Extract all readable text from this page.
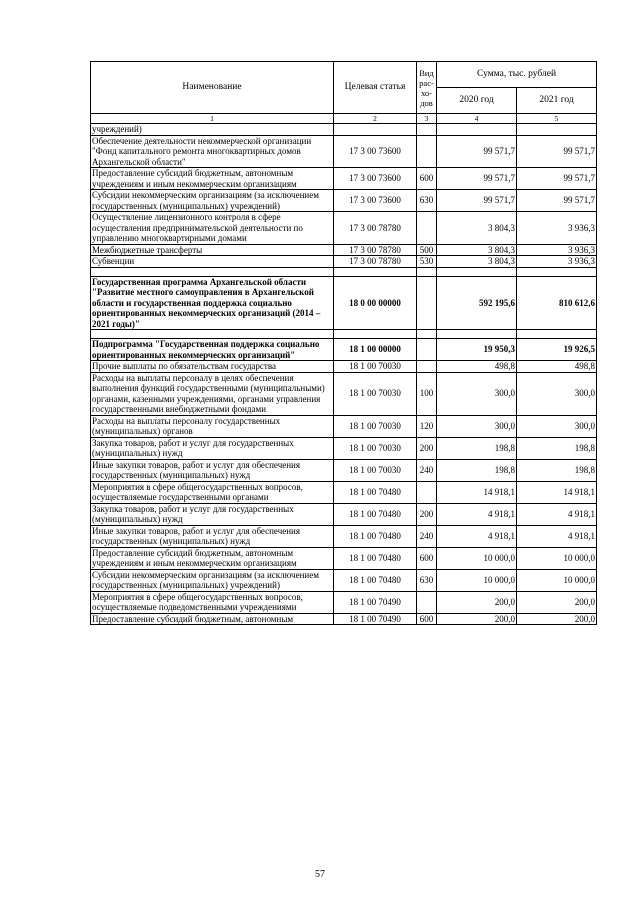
Наименование	Целевая статья	Вид рас-хо-дов	Сумма, тыс. рублей	
			2020 год	2021 год
1	2	3	4	5
учреждений)				
Обеспечение деятельности некоммерческой организации "Фонд капитального ремонта многоквартирных домов Архангельской области"	17 3 00 73600		99 571,7	99 571,7
Предоставление субсидий бюджетным, автономным учреждениям и иным некоммерческим организациям	17 3 00 73600	600	99 571,7	99 571,7
Субсидии некоммерческим организациям (за исключением государственных (муниципальных) учреждений)	17 3 00 73600	630	99 571,7	99 571,7
Осуществление лицензионного контроля в сфере осуществления предпринимательской деятельности по управлению многоквартирными домами	17 3 00 78780		3 804,3	3 936,3
Межбюджетные трансферты	17 3 00 78780	500	3 804,3	3 936,3
Субвенции	17 3 00 78780	530	3 804,3	3 936,3

Государственная программа Архангельской области "Развитие местного самоуправления в Архангельской области и государственная поддержка социально ориентированных некоммерческих организаций (2014 – 2021 годы)"	18 0 00 00000		592 195,6	810 612,6

Подпрограмма "Государственная поддержка социально ориентированных некоммерческих организаций"	18 1 00 00000		19 950,3	19 926,5
Прочие выплаты по обязательствам государства	18 1 00 70030		498,8	498,8
Расходы на выплаты персоналу в целях обеспечения выполнения функций государственными (муниципальными) органами, казенными учреждениями, органами управления государственными внебюджетными фондами	18 1 00 70030	100	300,0	300,0
Расходы на выплаты персоналу государственных (муниципальных) органов	18 1 00 70030	120	300,0	300,0
Закупка товаров, работ и услуг для государственных (муниципальных) нужд	18 1 00 70030	200	198,8	198,8
Иные закупки товаров, работ и услуг для обеспечения государственных (муниципальных) нужд	18 1 00 70030	240	198,8	198,8
Мероприятия в сфере общегосударственных вопросов, осуществляемые государственными органами	18 1 00 70480		14 918,1	14 918,1
Закупка товаров, работ и услуг для государственных (муниципальных) нужд	18 1 00 70480	200	4 918,1	4 918,1
Иные закупки товаров, работ и услуг для обеспечения государственных (муниципальных) нужд	18 1 00 70480	240	4 918,1	4 918,1
Предоставление субсидий бюджетным, автономным учреждениям и иным некоммерческим организациям	18 1 00 70480	600	10 000,0	10 000,0
Субсидии некоммерческим организациям (за исключением государственных (муниципальных) учреждений)	18 1 00 70480	630	10 000,0	10 000,0
Мероприятия в сфере общегосударственных вопросов, осуществляемые подведомственными учреждениями	18 1 00 70490		200,0	200,0
Предоставление субсидий бюджетным, автономным	18 1 00 70490	600	200,0	200,0
57
